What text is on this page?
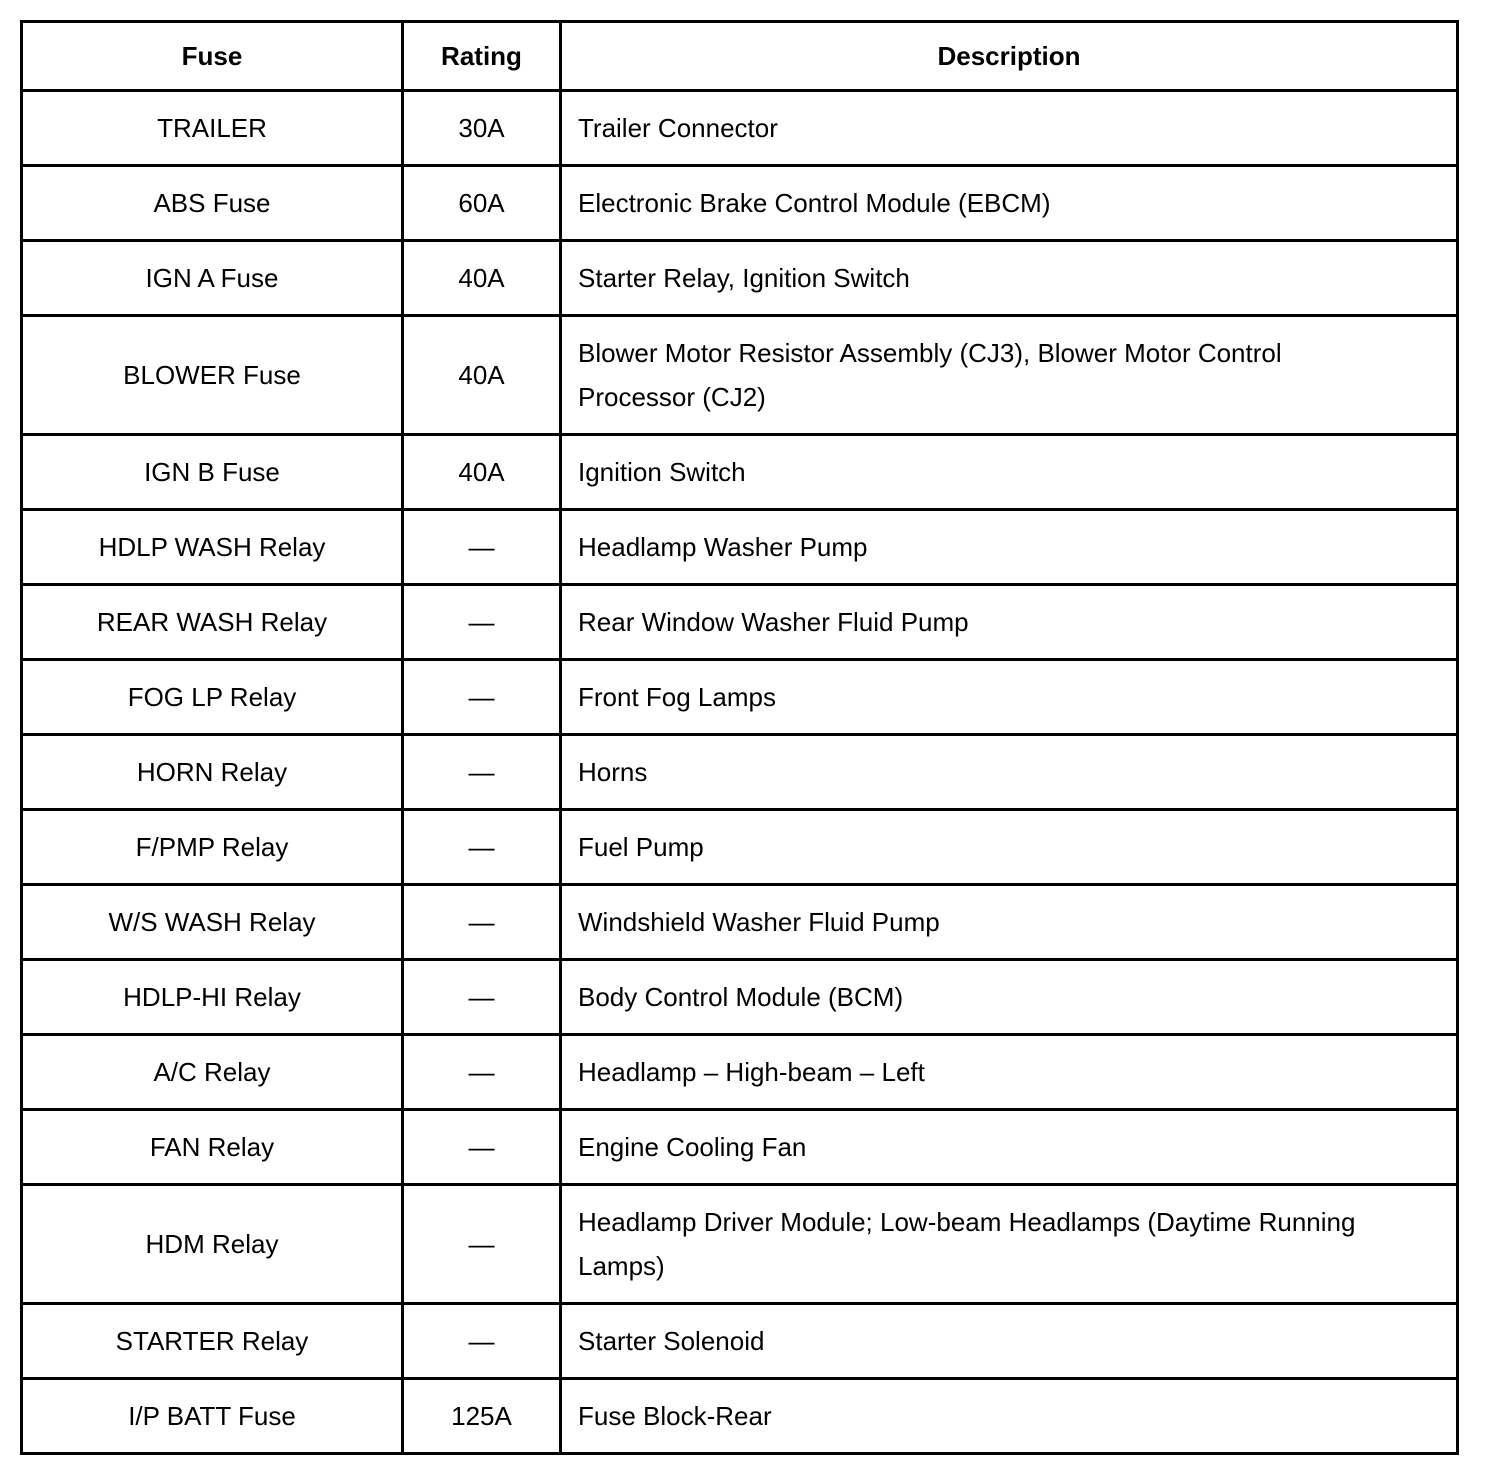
Fuse	Rating	Description
TRAILER	30A	Trailer Connector
ABS Fuse	60A	Electronic Brake Control Module (EBCM)
IGN A Fuse	40A	Starter Relay, Ignition Switch
BLOWER Fuse	40A	Blower Motor Resistor Assembly (CJ3), Blower Motor Control Processor (CJ2)
IGN B Fuse	40A	Ignition Switch
HDLP WASH Relay	—	Headlamp Washer Pump
REAR WASH Relay	—	Rear Window Washer Fluid Pump
FOG LP Relay	—	Front Fog Lamps
HORN Relay	—	Horns
F/PMP Relay	—	Fuel Pump
W/S WASH Relay	—	Windshield Washer Fluid Pump
HDLP-HI Relay	—	Body Control Module (BCM)
A/C Relay	—	Headlamp – High-beam – Left
FAN Relay	—	Engine Cooling Fan
HDM Relay	—	Headlamp Driver Module; Low-beam Headlamps (Daytime Running Lamps)
STARTER Relay	—	Starter Solenoid
I/P BATT Fuse	125A	Fuse Block-Rear
